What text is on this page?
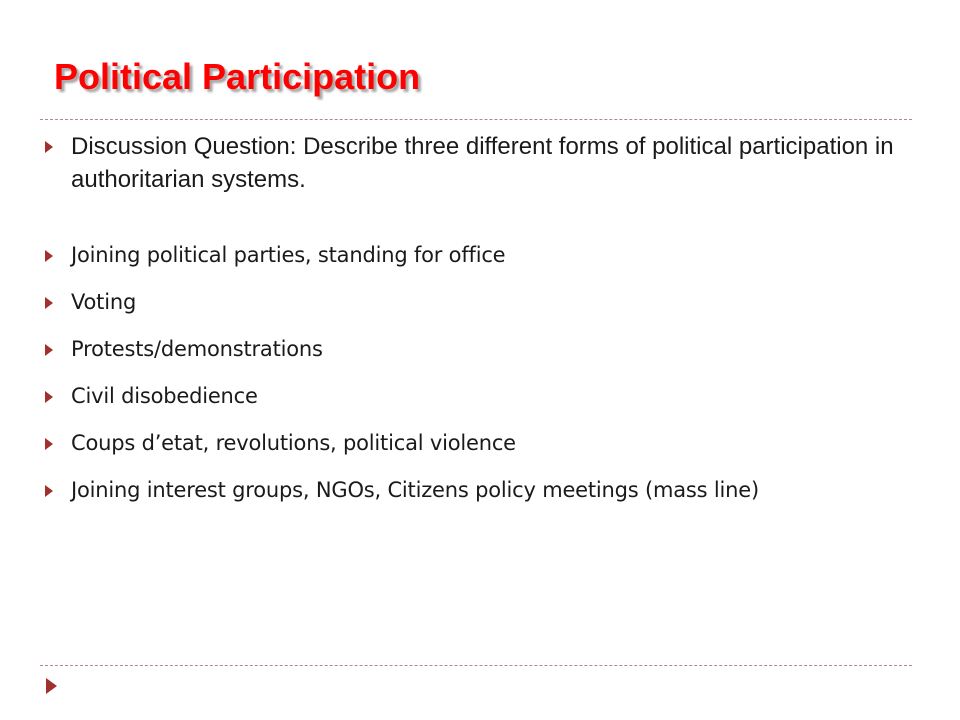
Political Participation
Discussion Question: Describe three different forms of political participation in authoritarian systems.
Joining political parties, standing for office
Voting
Protests/demonstrations
Civil disobedience
Coups d’etat, revolutions, political violence
Joining interest groups, NGOs, Citizens policy meetings (mass line)
